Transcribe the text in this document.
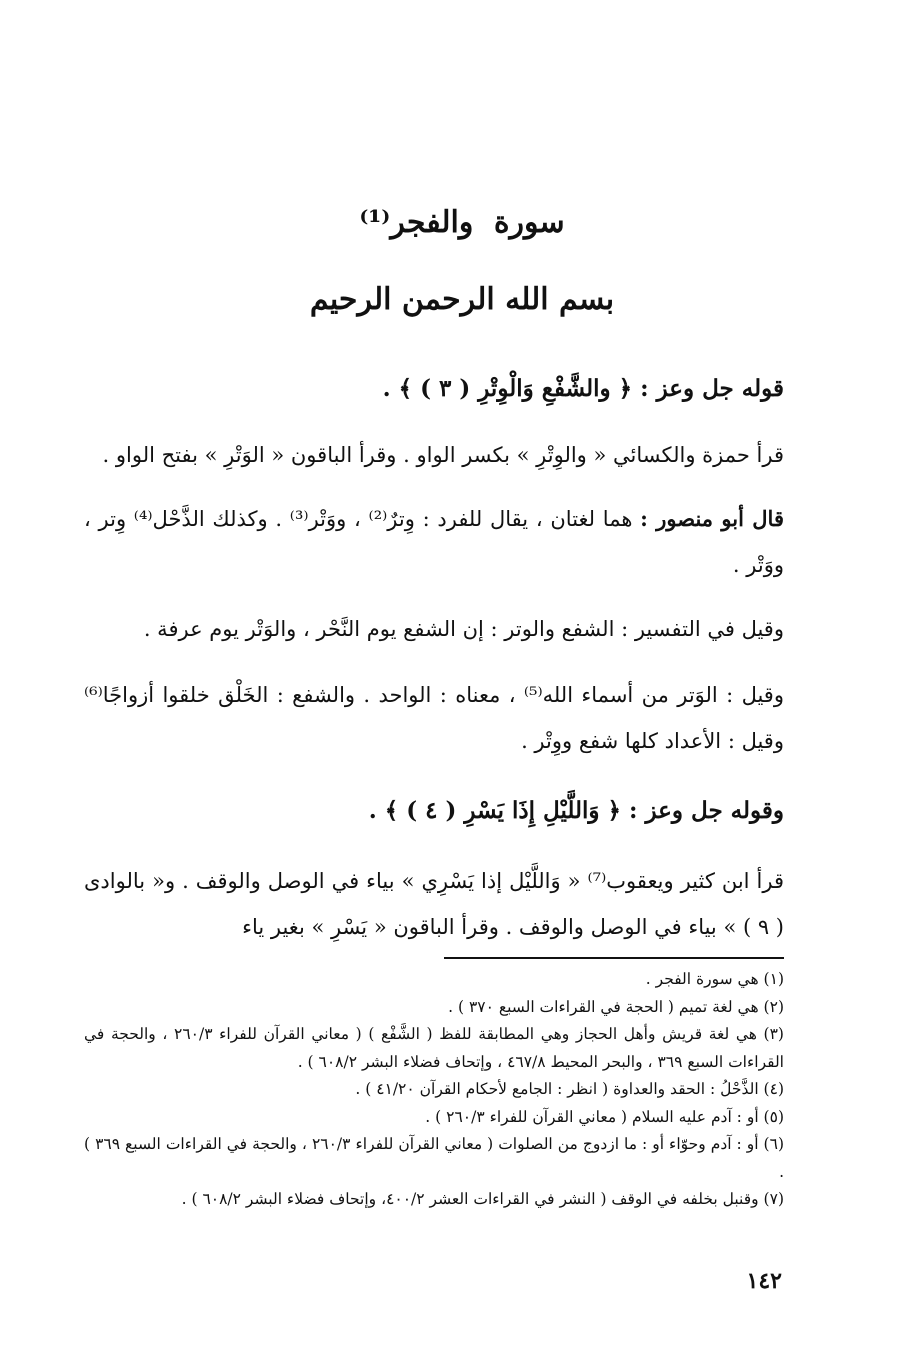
سورة والفجر⁽¹⁾
بسم الله الرحمن الرحيم
قوله جل وعز : ﴿ والشَّفْعِ وَالْوِتْرِ ( ٣ ) ﴾ .
قرأ حمزة والكسائي « والوِتْرِ » بكسر الواو . وقرأ الباقون « الوَتْرِ » بفتح الواو .
قال أبو منصور : هما لغتان ، يقال للفرد : وِترٌ⁽²⁾ ، ووَتْر⁽³⁾ . وكذلك الذَّحْل⁽⁴⁾ وِتر ، ووَتْر .
وقيل في التفسير : الشفع والوتر : إن الشفع يوم النَّحْر ، والوَتْر يوم عرفة .
وقيل : الوَتر من أسماء الله⁽⁵⁾ ، معناه : الواحد . والشفع : الخَلْق خلقوا أزواجًا⁽⁶⁾ وقيل : الأعداد كلها شفع ووِتْر .
وقوله جل وعز : ﴿ وَاللَّيْلِ إِذَا يَسْرِ ( ٤ ) ﴾ .
قرأ ابن كثير ويعقوب⁽⁷⁾ « وَاللَّيْل إذا يَسْرِي » بياء في الوصل والوقف . و« بالوادى ( ٩ ) » بياء في الوصل والوقف . وقرأ الباقون « يَسْرِ » بغير ياء

(١) هي سورة الفجر .

(٢) هي لغة تميم ( الحجة في القراءات السبع ٣٧٠ ) .

(٣) هي لغة قريش وأهل الحجاز وهي المطابقة للفظ ( الشَّفْع ) ( معاني القرآن للفراء ٢٦٠/٣ ، والحجة في القراءات السبع ٣٦٩ ، والبحر المحيط ٤٦٧/٨ ، وإتحاف فضلاء البشر ٦٠٨/٢ ) .

(٤) الذَّحْلُ : الحقد والعداوة ( انظر : الجامع لأحكام القرآن ٤١/٢٠ ) .

(٥) أو : آدم عليه السلام ( معاني القرآن للفراء ٢٦٠/٣ ) .

(٦) أو : آدم وحوّاء أو : ما ازدوج من الصلوات ( معاني القرآن للفراء ٢٦٠/٣ ، والحجة في القراءات السبع ٣٦٩ ) .

(٧) وقنبل بخلفه في الوقف ( النشر في القراءات العشر ٤٠٠/٢، وإتحاف فضلاء البشر ٦٠٨/٢ ) .

١٤٢
